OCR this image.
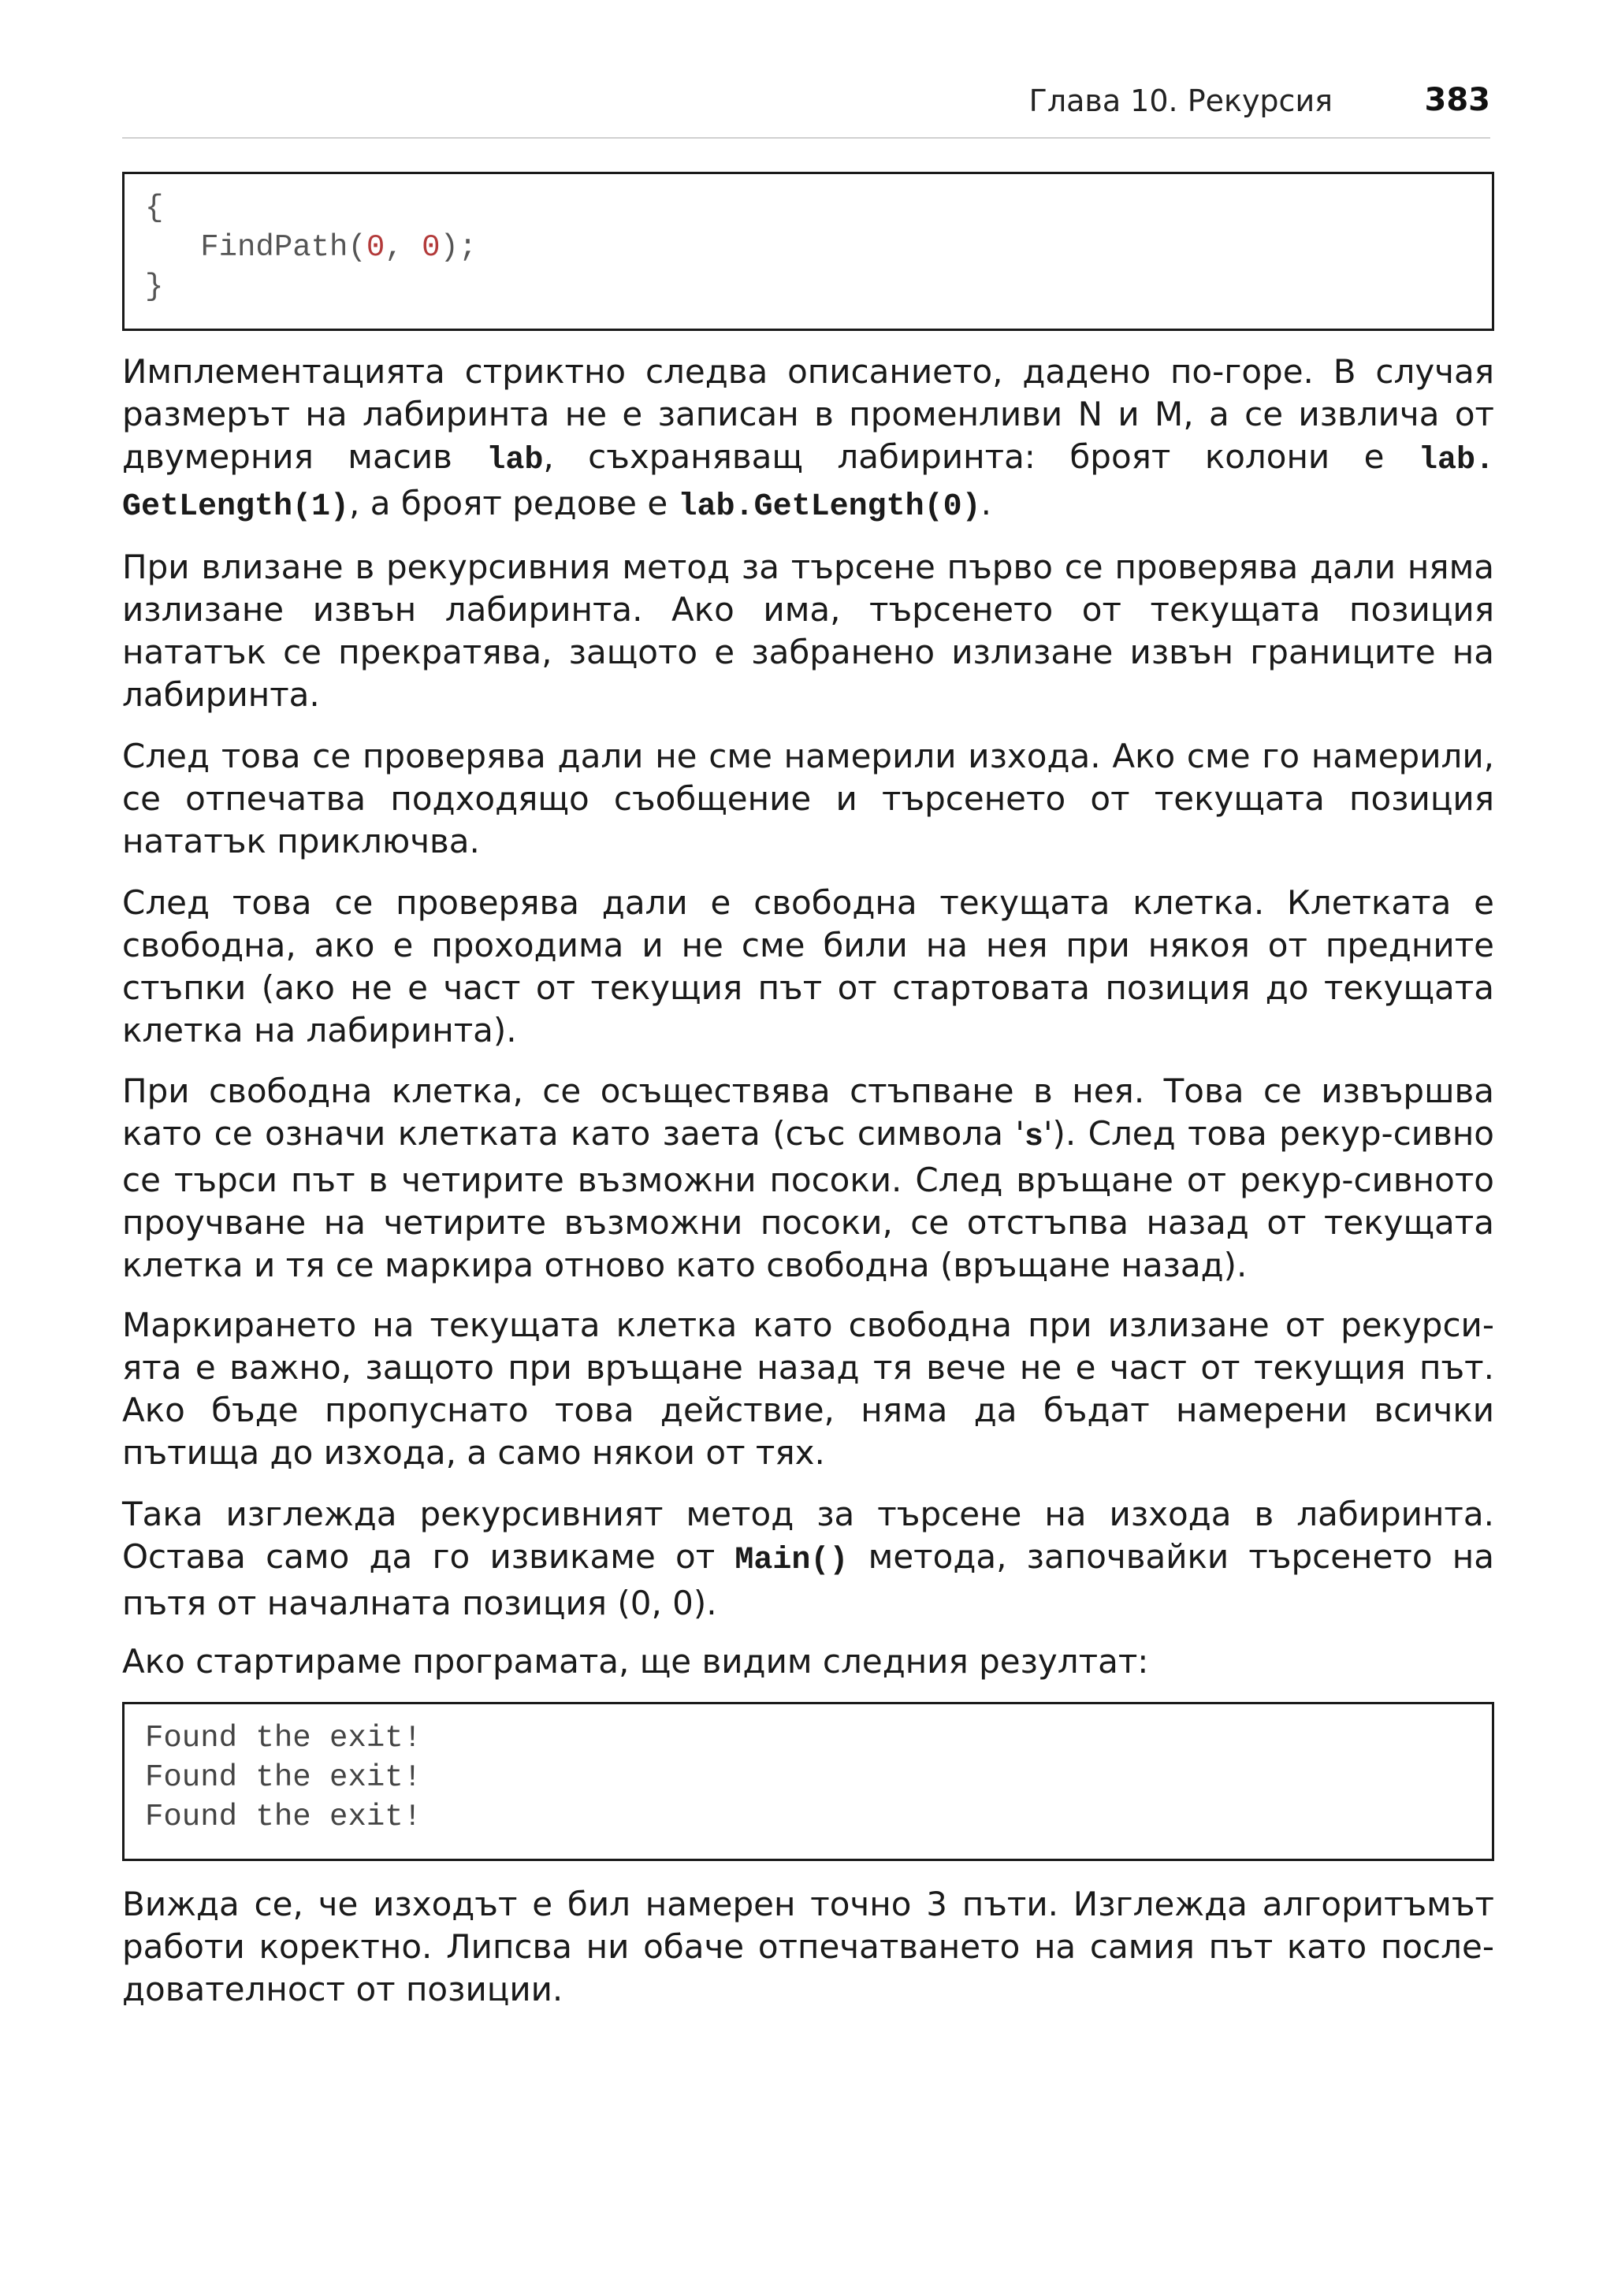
Глава 10. Рекурсия	383
{
FindPath(0, 0);
}

Имплементацията стриктно следва описанието, дадено по-горе. В случая размерът на лабиринта не е записан в променливи N и M, а се извлича от двумерния масив lab, съхраняващ лабиринта: броят колони е lab. GetLength(1), а броят редове е lab.GetLength(0).

При влизане в рекурсивния метод за търсене първо се проверява дали няма излизане извън лабиринта. Ако има, търсенето от текущата позиция нататък се прекратява, защото е забранено излизане извън границите на лабиринта.

След това се проверява дали не сме намерили изхода. Ако сме го намерили, се отпечатва подходящо съобщение и търсенето от текущата позиция нататък приключва.

След това се проверява дали е свободна текущата клетка. Клетката е свободна, ако е проходима и не сме били на нея при някоя от предните стъпки (ако не е част от текущия път от стартовата позиция до текущата клетка на лабиринта).

При свободна клетка, се осъществява стъпване в нея. Това се извършва като се означи клетката като заета (със символа 's'). След това рекур-сивно се търси път в четирите възможни посоки. След връщане от рекур-сивното проучване на четирите възможни посоки, се отстъпва назад от текущата клетка и тя се маркира отново като свободна (връщане назад).

Маркирането на текущата клетка като свободна при излизане от рекурси-ята е важно, защото при връщане назад тя вече не е част от текущия път. Ако бъде пропуснато това действие, няма да бъдат намерени всички пътища до изхода, а само някои от тях.

Така изглежда рекурсивният метод за търсене на изхода в лабиринта. Остава само да го извикаме от Main() метода, започвайки търсенето на пътя от началната позиция (0, 0).

Ако стартираме програмата, ще видим следния резултат:

Found the exit!
Found the exit!
Found the exit!

Вижда се, че изходът е бил намерен точно 3 пъти. Изглежда алгоритъмът работи коректно. Липсва ни обаче отпечатването на самия път като после-дователност от позиции.
